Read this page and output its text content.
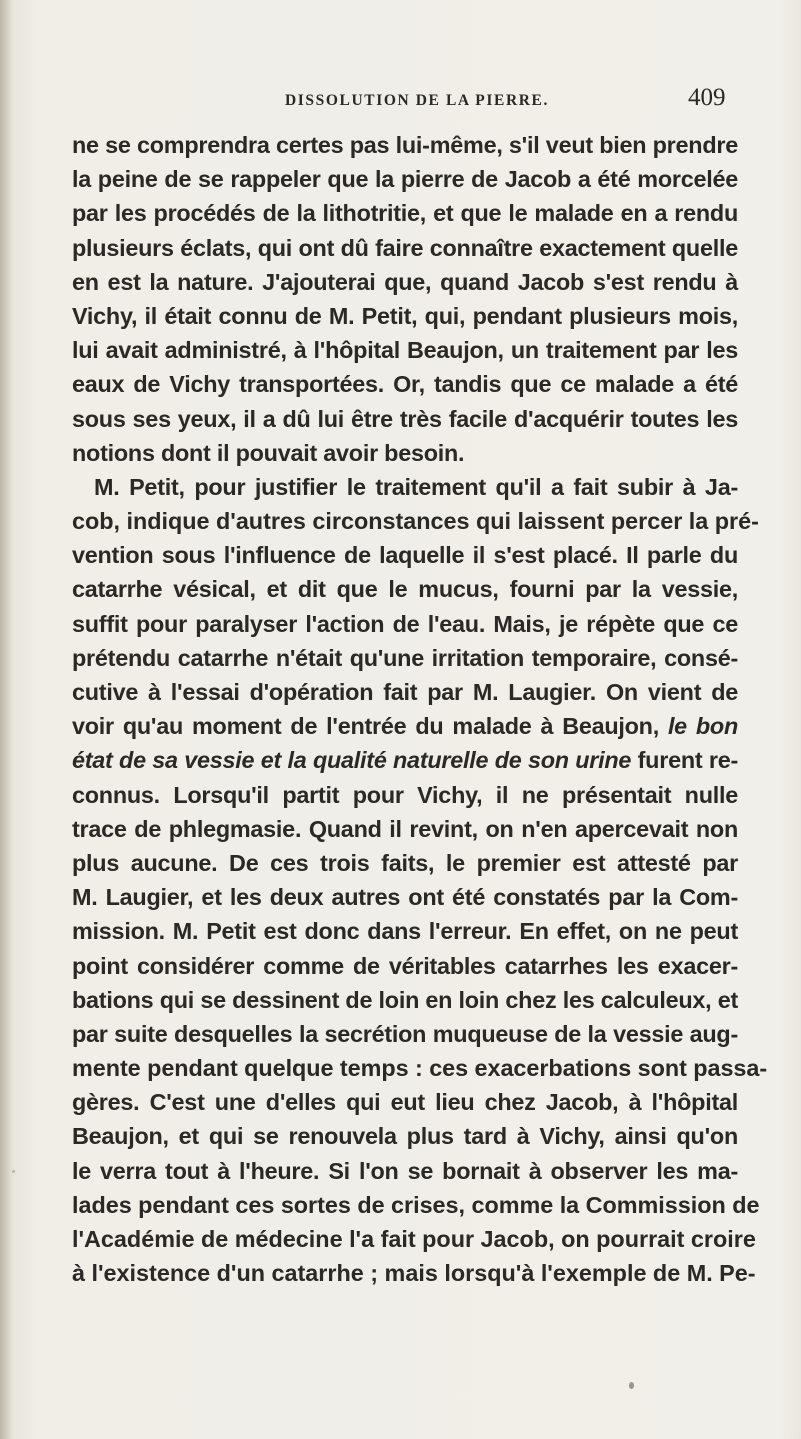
DISSOLUTION DE LA PIERRE.	409
ne se comprendra certes pas lui-même, s'il veut bien prendre
la peine de se rappeler que la pierre de Jacob a été morcelée
par les procédés de la lithotritie, et que le malade en a rendu
plusieurs éclats, qui ont dû faire connaître exactement quelle
en est la nature. J'ajouterai que, quand Jacob s'est rendu à
Vichy, il était connu de M. Petit, qui, pendant plusieurs mois,
lui avait administré, à l'hôpital Beaujon, un traitement par les
eaux de Vichy transportées. Or, tandis que ce malade a été
sous ses yeux, il a dû lui être très facile d'acquérir toutes les
notions dont il pouvait avoir besoin.
M. Petit, pour justifier le traitement qu'il a fait subir à Ja-
cob, indique d'autres circonstances qui laissent percer la pré-
vention sous l'influence de laquelle il s'est placé. Il parle du
catarrhe vésical, et dit que le mucus, fourni par la vessie,
suffit pour paralyser l'action de l'eau. Mais, je répète que ce
prétendu catarrhe n'était qu'une irritation temporaire, consé-
cutive à l'essai d'opération fait par M. Laugier. On vient de
voir qu'au moment de l'entrée du malade à Beaujon, le bon
état de sa vessie et la qualité naturelle de son urine furent re-
connus. Lorsqu'il partit pour Vichy, il ne présentait nulle
trace de phlegmasie. Quand il revint, on n'en apercevait non
plus aucune. De ces trois faits, le premier est attesté par
M. Laugier, et les deux autres ont été constatés par la Com-
mission. M. Petit est donc dans l'erreur. En effet, on ne peut
point considérer comme de véritables catarrhes les exacer-
bations qui se dessinent de loin en loin chez les calculeux, et
par suite desquelles la secrétion muqueuse de la vessie aug-
mente pendant quelque temps : ces exacerbations sont passa-
gères. C'est une d'elles qui eut lieu chez Jacob, à l'hôpital
Beaujon, et qui se renouvela plus tard à Vichy, ainsi qu'on
le verra tout à l'heure. Si l'on se bornait à observer les ma-
lades pendant ces sortes de crises, comme la Commission de
l'Académie de médecine l'a fait pour Jacob, on pourrait croire
à l'existence d'un catarrhe ; mais lorsqu'à l'exemple de M. Pe-
